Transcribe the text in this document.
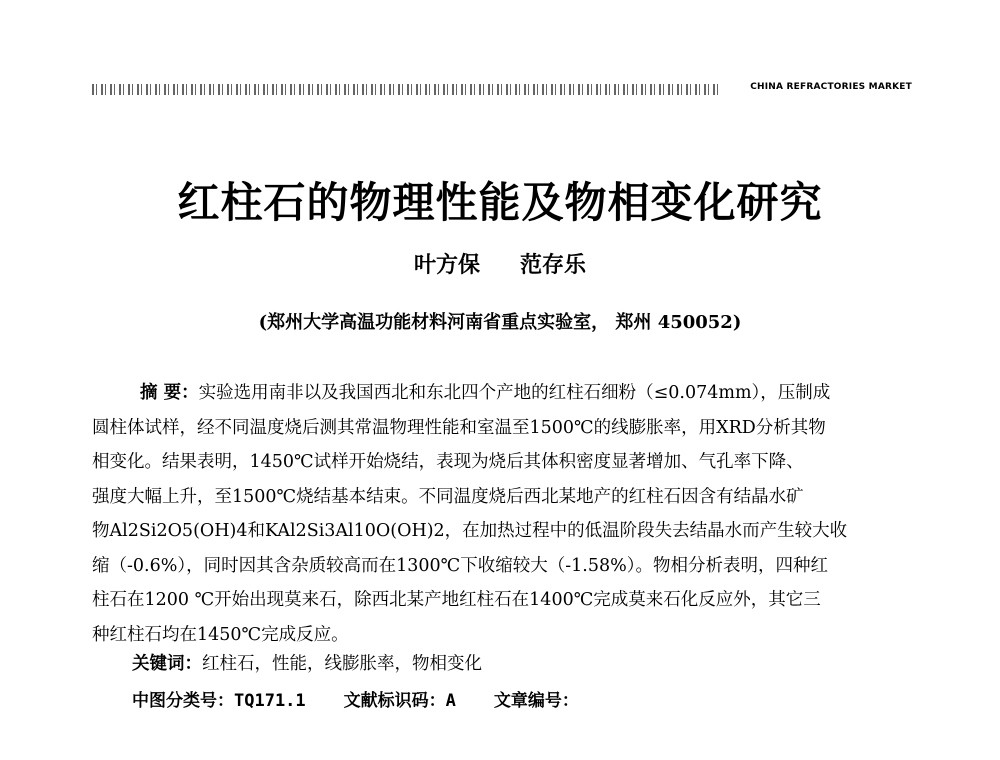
CHINA REFRACTORIES MARKET
红柱石的物理性能及物相变化研究
叶方保 范存乐
(郑州大学高温功能材料河南省重点实验室， 郑州 450052)
摘 要：实验选用南非以及我国西北和东北四个产地的红柱石细粉（≤0.074mm），压制成
圆柱体试样，经不同温度烧后测其常温物理性能和室温至1500℃的线膨胀率，用XRD分析其物
相变化。结果表明，1450℃试样开始烧结，表现为烧后其体积密度显著增加、气孔率下降、
强度大幅上升，至1500℃烧结基本结束。不同温度烧后西北某地产的红柱石因含有结晶水矿
物Al2Si2O5(OH)4和KAl2Si3Al10O(OH)2，在加热过程中的低温阶段失去结晶水而产生较大收
缩（-0.6%），同时因其含杂质较高而在1300℃下收缩较大（-1.58%）。物相分析表明，四种红
柱石在1200 ℃开始出现莫来石，除西北某产地红柱石在1400℃完成莫来石化反应外，其它三
种红柱石均在1450℃完成反应。
关键词：红柱石，性能，线膨胀率，物相变化
中图分类号：TQ171.1 文献标识码：A 文章编号：
